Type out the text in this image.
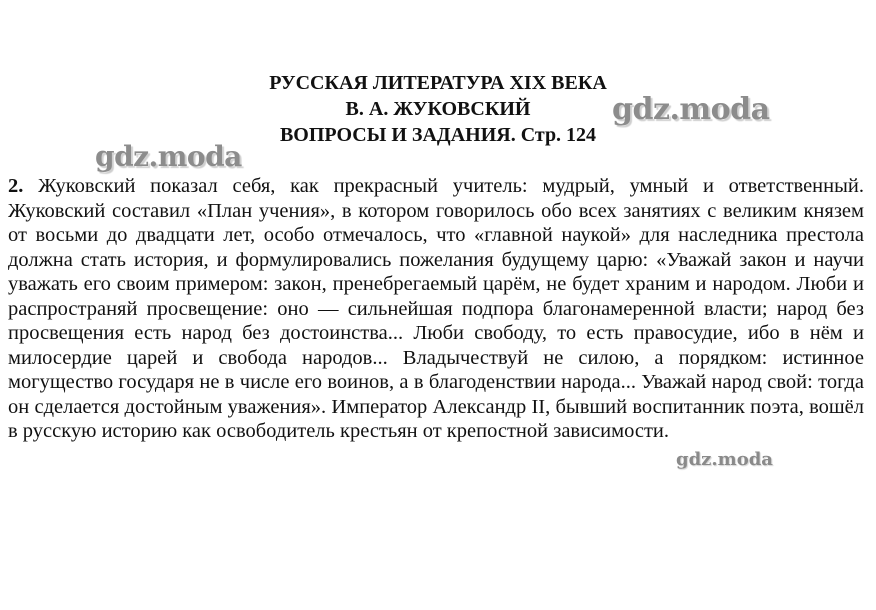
РУССКАЯ ЛИТЕРАТУРА XIX ВЕКА
В. А. ЖУКОВСКИЙ
ВОПРОСЫ И ЗАДАНИЯ. Стр. 124
2. Жуковский показал себя, как прекрасный учитель: мудрый, умный и ответственный. Жуковский составил «План учения», в котором говорилось обо всех занятиях с великим князем от восьми до двадцати лет, особо отмечалось, что «главной наукой» для наследника престола должна стать история, и формулировались пожелания будущему царю: «Уважай закон и научи уважать его своим примером: закон, пренебрегаемый царём, не будет храним и народом. Люби и распространяй просвещение: оно — сильнейшая подпора благонамеренной власти; народ без просвещения есть народ без достоинства... Люби свободу, то есть правосудие, ибо в нём и милосердие царей и свобода народов... Владычествуй не силою, а порядком: истинное могущество государя не в числе его воинов, а в благоденствии народа... Уважай народ свой: тогда он сделается достойным уважения». Император Александр II, бывший воспитанник поэта, вошёл в русскую историю как освободитель крестьян от крепостной зависимости.
gdz.moda
gdz.moda
gdz.moda
